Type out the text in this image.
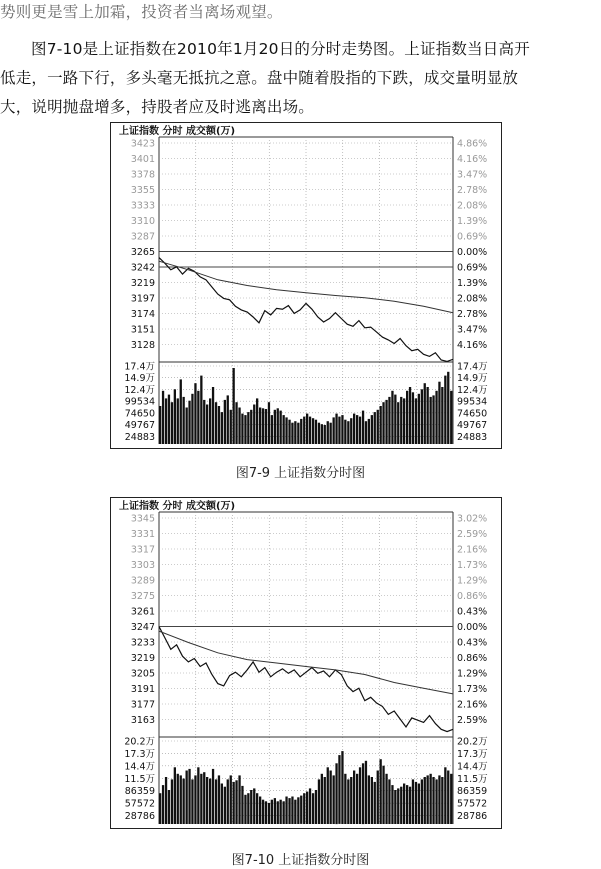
势则更是雪上加霜，投资者当离场观望。
图7-10是上证指数在2010年1月20日的分时走势图。上证指数当日高开
低走，一路下行，多头毫无抵抗之意。盘中随着股指的下跌，成交量明显放
大，说明抛盘增多，持股者应及时逃离出场。
上证指数 分时 成交额(万)
3423	4.86%
3401	4.16%
3378	3.47%
3355	2.78%
3333	2.08%
3310	1.39%
3287	0.69%
3265	0.00%
3242	0.69%
3219	1.39%
3197	2.08%
3174	2.78%
3151	3.47%
3128	4.16%
17.4万	17.4万
14.9万	14.9万
12.4万	12.4万
99534	99534
74650	74650
49767	49767
24883	24883
图7-9 上证指数分时图
上证指数 分时 成交额(万)
3345	3.02%
3331	2.59%
3317	2.16%
3303	1.73%
3289	1.29%
3275	0.86%
3261	0.43%
3247	0.00%
3233	0.43%
3219	0.86%
3205	1.29%
3191	1.73%
3177	2.16%
3163	2.59%
20.2万	20.2万
17.3万	17.3万
14.4万	14.4万
11.5万	11.5万
86359	86359
57572	57572
28786	28786
图7-10 上证指数分时图
